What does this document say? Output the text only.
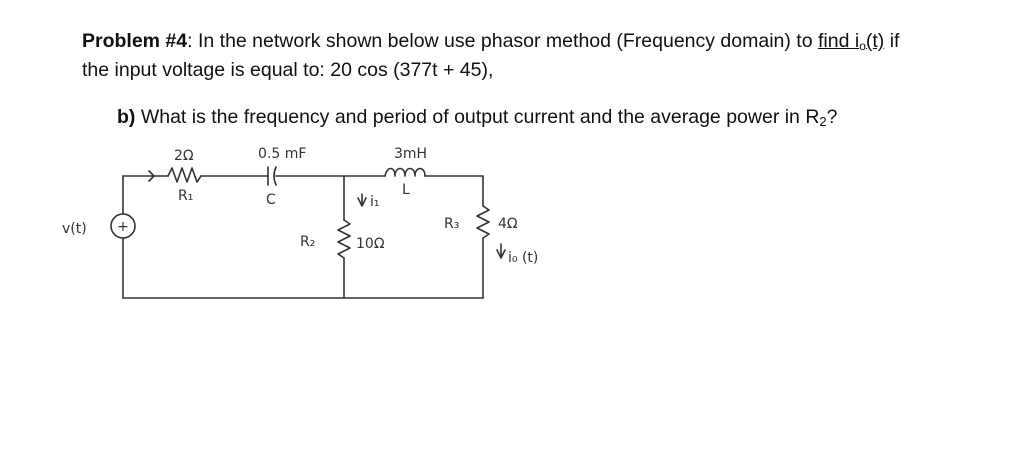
Problem #4: In the network shown below use phasor method (Frequency domain) to find $i_o(t)$ if
the input voltage is equal to: 20 cos (377t + 45),
b) What is the frequency and period of output current and the average power in $R_2$?
+
v(t)
2Ω
R₁
0.5 mF
C
3mH
L
R₂	10Ω
R₃	4Ω
i₁
i₀ (t)
